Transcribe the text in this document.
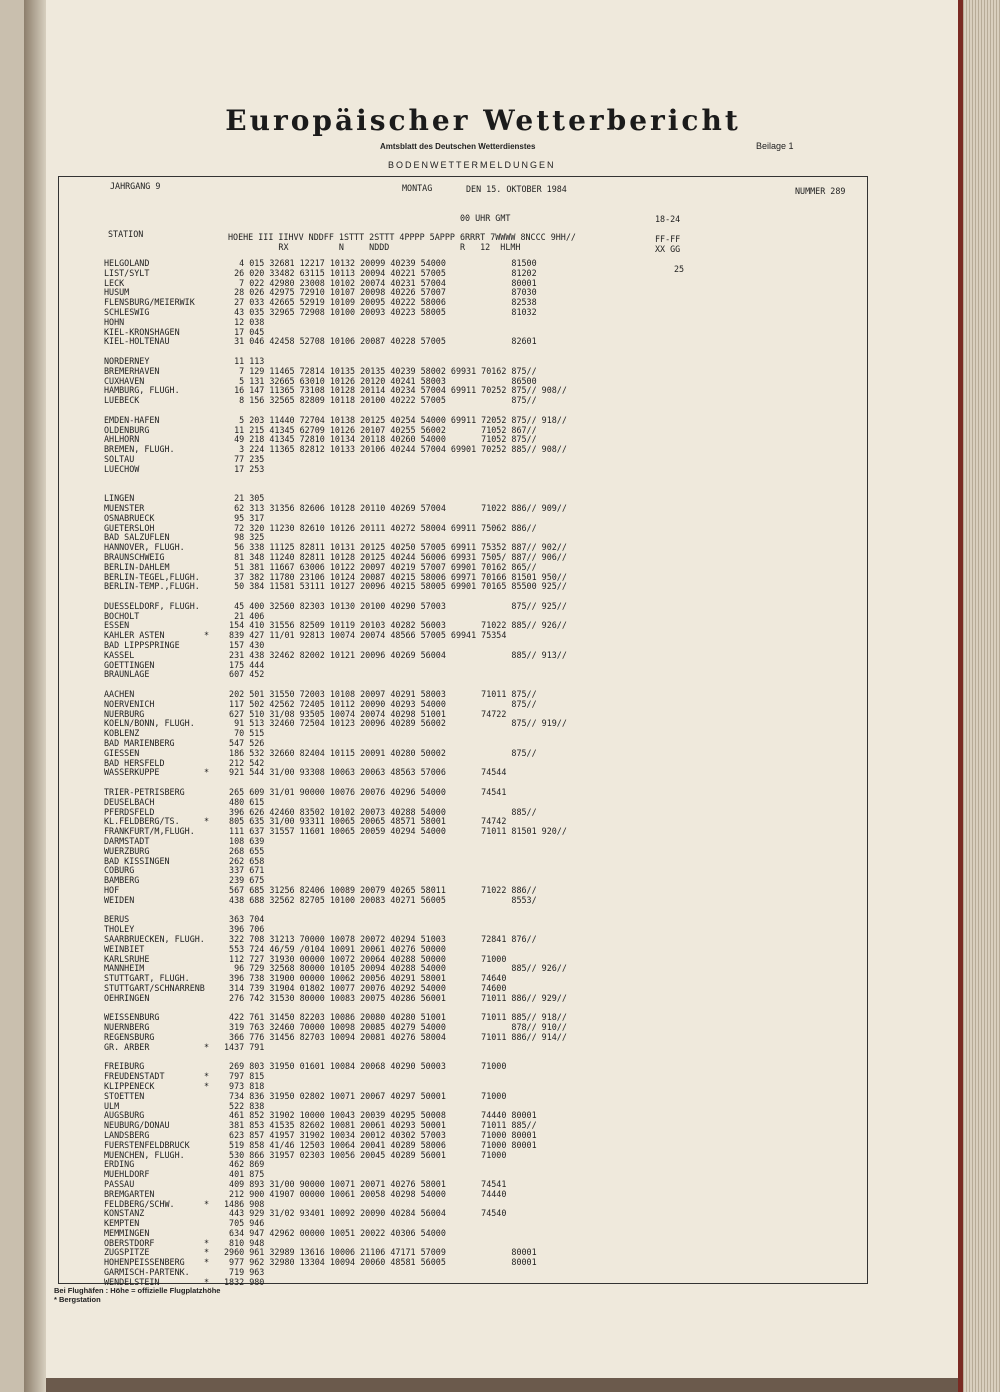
Europäischer Wetterbericht
Amtsblatt des Deutschen Wetterdienstes	Beilage 1
BODENWETTERMELDUNGEN
JAHRGANG 9	MONTAG	DEN 15. OKTOBER 1984	NUMMER 289
00 UHR GMT	18-24
STATION	HOEHE III IIHVV NDDFF 1STTT 2STTT 4PPPP 5APPP 6RRRT 7WWWW 8NCCC 9HH//
RX          N     NDDD              R   12  HLMH
FF-FF
XX GG
25
HELGOLAND	4 015 32681 12217 10132 20099 40239 54000             81500
LIST/SYLT	26 020 33482 63115 10113 20094 40221 57005             81202
LECK	7 022 42980 23008 10102 20074 40231 57004             80001
HUSUM	28 026 42975 72910 10107 20098 40226 57007             87030
FLENSBURG/MEIERWIK	27 033 42665 52919 10109 20095 40222 58006             82538
SCHLESWIG	43 035 32965 72908 10100 20093 40223 58005             81032
HOHN	12 038
KIEL-KRONSHAGEN	17 045
KIEL-HOLTENAU	31 046 42458 52708 10106 20087 40228 57005             82601
NORDERNEY	11 113
BREMERHAVEN	7 129 11465 72814 10135 20135 40239 58002 69931 70162 875//
CUXHAVEN	5 131 32665 63010 10126 20120 40241 58003             86500
HAMBURG, FLUGH.	16 147 11365 73108 10128 20114 40234 57004 69911 70252 875// 908//
LUEBECK	8 156 32565 82809 10118 20100 40222 57005             875//
EMDEN-HAFEN	5 203 11440 72704 10138 20125 40254 54000 69911 72052 875// 918//
OLDENBURG	11 215 41345 62709 10126 20107 40255 56002       71052 867//
AHLHORN	49 218 41345 72810 10134 20118 40260 54000       71052 875//
BREMEN, FLUGH.	3 224 11365 82812 10133 20106 40244 57004 69901 70252 885// 908//
SOLTAU	77 235
LUECHOW	17 253
LINGEN	21 305
MUENSTER	62 313 31356 82606 10128 20110 40269 57004       71022 886// 909//
OSNABRUECK	95 317
GUETERSLOH	72 320 11230 82610 10126 20111 40272 58004 69911 75062 886//
BAD SALZUFLEN	98 325
HANNOVER, FLUGH.	56 338 11125 82811 10131 20125 40250 57005 69911 75352 887// 902//
BRAUNSCHWEIG	81 348 11240 82811 10128 20125 40244 56006 69931 7505/ 887// 906//
BERLIN-DAHLEM	51 381 11667 63006 10122 20097 40219 57007 69901 70162 865//
BERLIN-TEGEL,FLUGH.	37 382 11780 23106 10124 20087 40215 58006 69971 70166 81501 950//
BERLIN-TEMP.,FLUGH.	50 384 11581 53111 10127 20096 40215 58005 69901 70165 85500 925//
DUESSELDORF, FLUGH.	45 400 32560 82303 10130 20100 40290 57003             875// 925//
BOCHOLT	21 406
ESSEN	154 410 31556 82509 10119 20103 40282 56003       71022 885// 926//
KAHLER ASTEN	* 839 427 11/01 92813 10074 20074 48566 57005 69941 75354
BAD LIPPSPRINGE	157 430
KASSEL	231 438 32462 82002 10121 20096 40269 56004             885// 913//
GOETTINGEN	175 444
BRAUNLAGE	607 452
AACHEN	202 501 31550 72003 10108 20097 40291 58003       71011 875//
NOERVENICH	117 502 42562 72405 10112 20090 40293 54000             875//
NUERBURG	627 510 31/08 93505 10074 20074 40298 51001       74722
KOELN/BONN, FLUGH.	91 513 32460 72504 10123 20096 40289 56002             875// 919//
KOBLENZ	70 515
BAD MARIENBERG	547 526
GIESSEN	186 532 32660 82404 10115 20091 40280 50002             875//
BAD HERSFELD	212 542
WASSERKUPPE	* 921 544 31/00 93308 10063 20063 48563 57006       74544
TRIER-PETRISBERG	265 609 31/01 90000 10076 20076 40296 54000       74541
DEUSELBACH	480 615
PFERDSFELD	396 626 42460 83502 10102 20073 40288 54000             885//
KL.FELDBERG/TS.	* 805 635 31/00 93311 10065 20065 48571 58001       74742
FRANKFURT/M,FLUGH.	111 637 31557 11601 10065 20059 40294 54000       71011 81501 920//
DARMSTADT	108 639
WUERZBURG	268 655
BAD KISSINGEN	262 658
COBURG	337 671
BAMBERG	239 675
HOF	567 685 31256 82406 10089 20079 40265 58011       71022 886//
WEIDEN	438 688 32562 82705 10100 20083 40271 56005             8553/
BERUS	363 704
THOLEY	396 706
SAARBRUECKEN, FLUGH. 322 708 31213 70000 10078 20072 40294 51003       72841 876//
WEINBIET	553 724 46/59 /0104 10091 20061 40276 50000
KARLSRUHE	112 727 31930 00000 10072 20064 40288 50000       71000
MANNHEIM	96 729 32568 80000 10105 20094 40288 54000             885// 926//
STUTTGART, FLUGH.	396 738 31900 00000 10062 20056 40291 58001       74640
STUTTGART/SCHNARRENB 314 739 31904 01802 10077 20076 40292 54000       74600
OEHRINGEN	276 742 31530 80000 10083 20075 40286 56001       71011 886// 929//
WEISSENBURG	422 761 31450 82203 10086 20080 40280 51001       71011 885// 918//
NUERNBERG	319 763 32460 70000 10098 20085 40279 54000             878// 910//
REGENSBURG	366 776 31456 82703 10094 20081 40276 58004       71011 886// 914//
GR. ARBER	* 1437 791
FREIBURG	269 803 31950 01601 10084 20068 40290 50003       71000
FREUDENSTADT	* 797 815
KLIPPENECK	* 973 818
STOETTEN	734 836 31950 02802 10071 20067 40297 50001       71000
ULM	522 838
AUGSBURG	461 852 31902 10000 10043 20039 40295 50008       74440 80001
NEUBURG/DONAU	381 853 41535 82602 10081 20061 40293 50001       71011 885//
LANDSBERG	623 857 41957 31902 10034 20012 40302 57003       71000 80001
FUERSTENFELDBRUCK	519 858 41/46 12503 10064 20041 40289 58006       71000 80001
MUENCHEN, FLUGH.	530 866 31957 02303 10056 20045 40289 56001       71000
ERDING	462 869
MUEHLDORF	401 875
PASSAU	409 893 31/00 90000 10071 20071 40276 58001       74541
BREMGARTEN	212 900 41907 00000 10061 20058 40298 54000       74440
FELDBERG/SCHW.	* 1486 908
KONSTANZ	443 929 31/02 93401 10092 20090 40284 56004       74540
KEMPTEN	705 946
MEMMINGEN	634 947 42962 00000 10051 20022 40306 54000
OBERSTDORF	* 810 948
ZUGSPITZE	* 2960 961 32989 13616 10006 21106 47171 57009             80001
HOHENPEISSENBERG * 977 962 32980 13304 10094 20060 48581 56005             80001
GARMISCH-PARTENK.	719 963
WENDELSTEIN	* 1832 980
Bei Flughäfen : Höhe = offizielle Flugplatzhöhe
* Bergstation
